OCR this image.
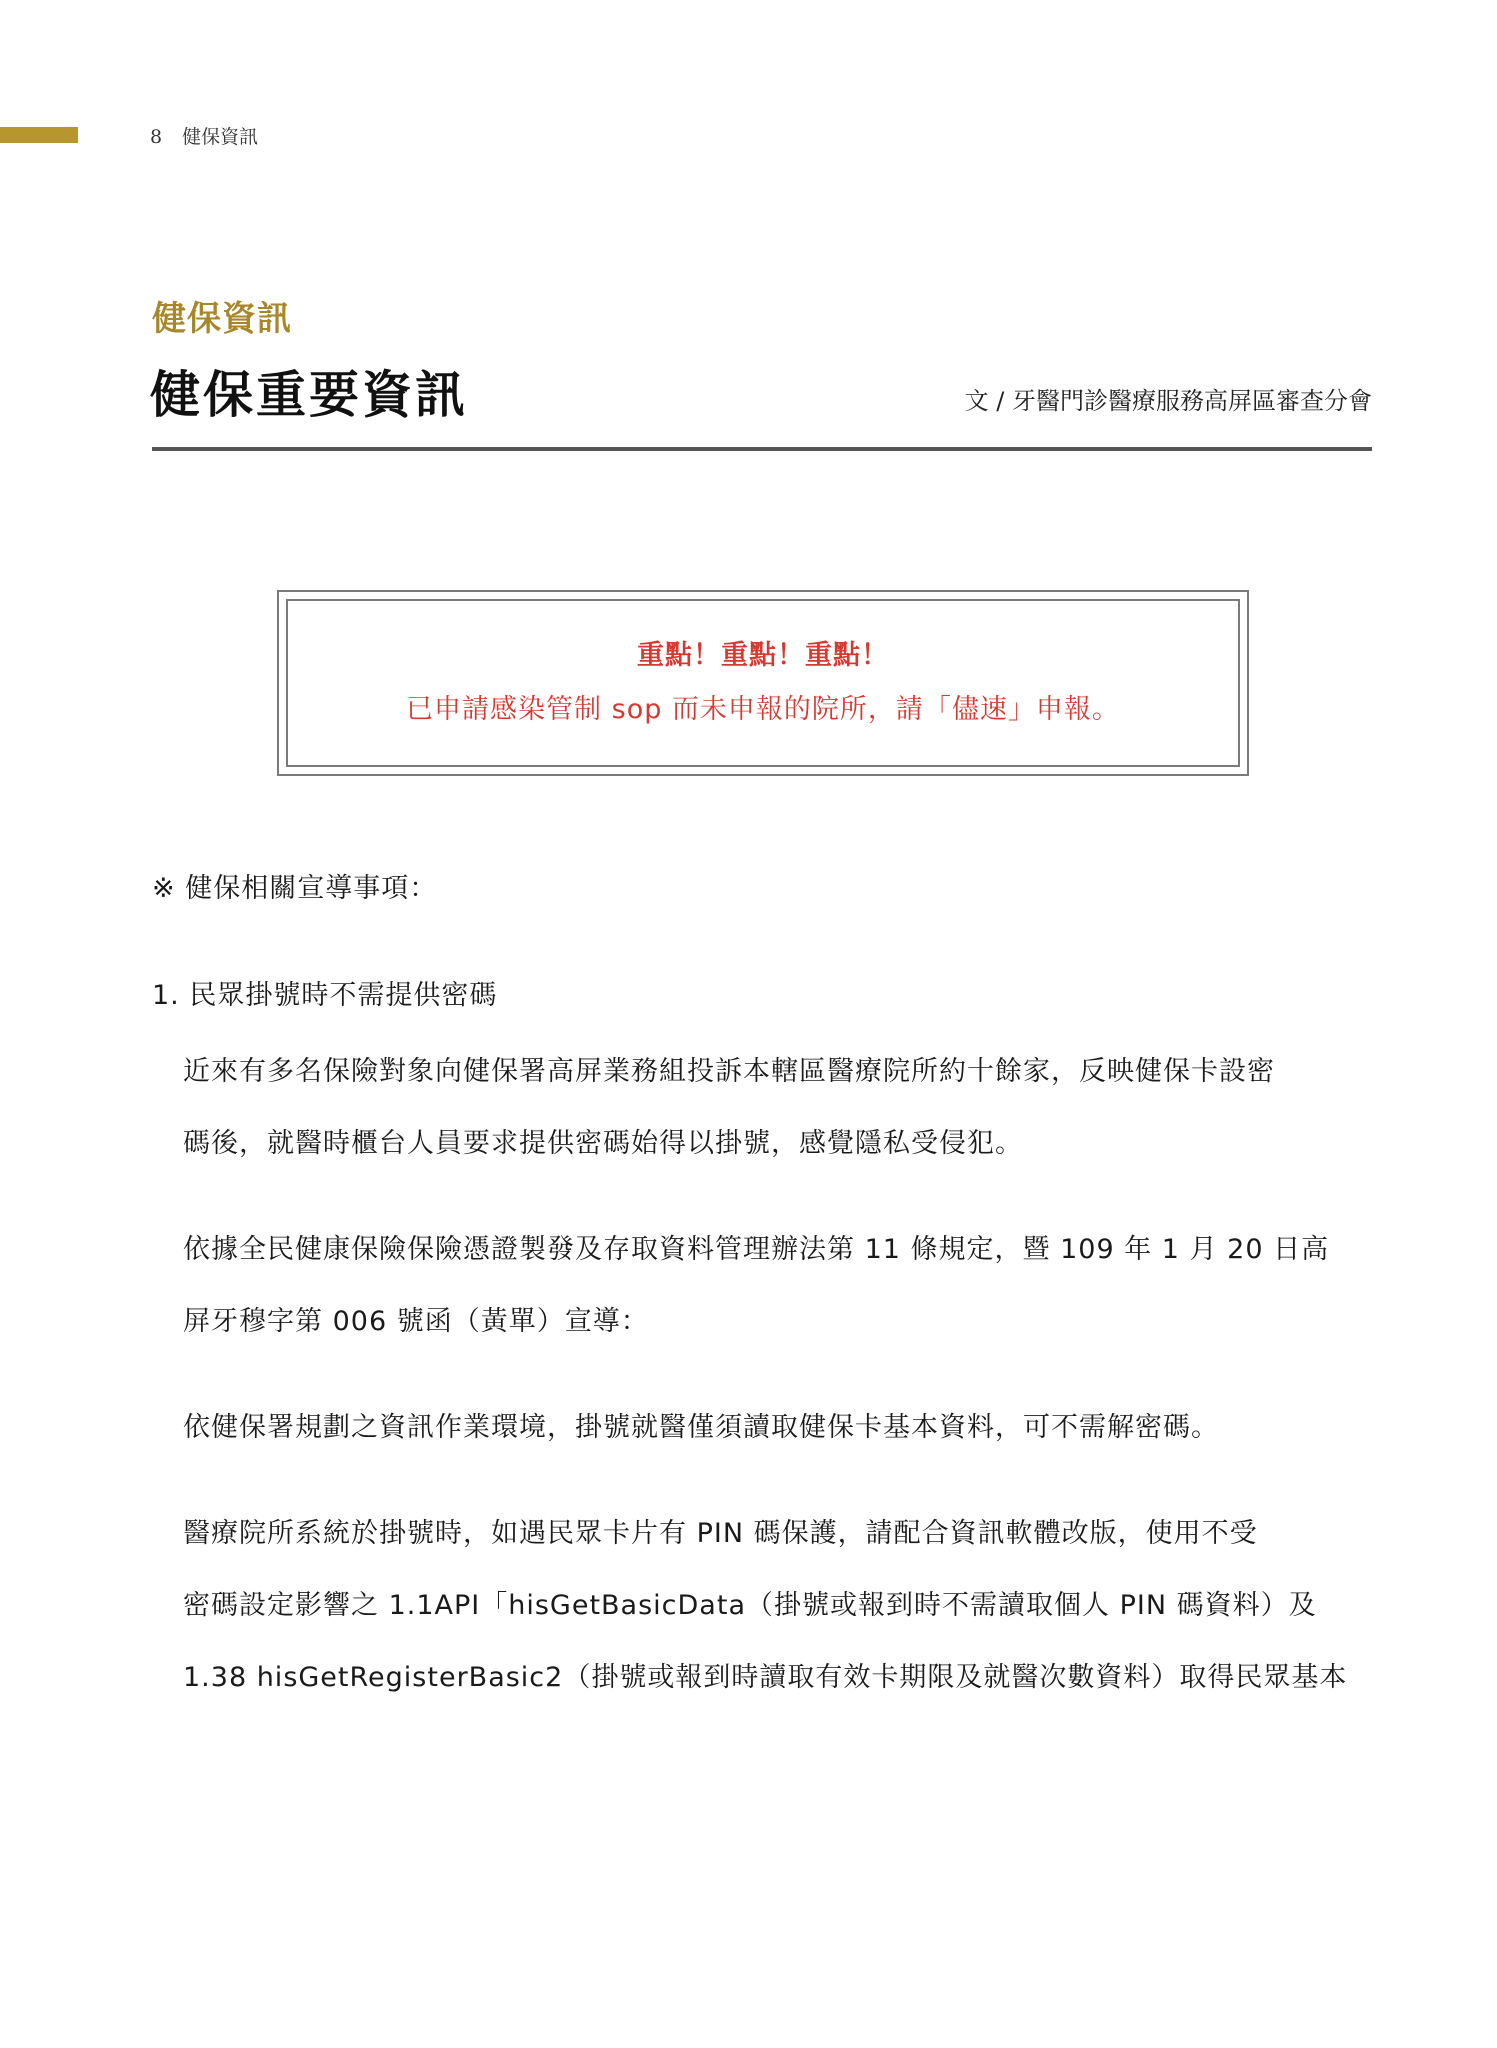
8 健保資訊
健保資訊
健保重要資訊	文 / 牙醫門診醫療服務高屏區審查分會
重點！重點！重點！
已申請感染管制 sop 而未申報的院所，請「儘速」申報。
※ 健保相關宣導事項：
1. 民眾掛號時不需提供密碼
近來有多名保險對象向健保署高屏業務組投訴本轄區醫療院所約十餘家，反映健保卡設密
碼後，就醫時櫃台人員要求提供密碼始得以掛號，感覺隱私受侵犯。
依據全民健康保險保險憑證製發及存取資料管理辦法第 11 條規定，暨 109 年 1 月 20 日高
屏牙穆字第 006 號函（黃單）宣導：
依健保署規劃之資訊作業環境，掛號就醫僅須讀取健保卡基本資料，可不需解密碼。
醫療院所系統於掛號時，如遇民眾卡片有 PIN 碼保護，請配合資訊軟體改版，使用不受
密碼設定影響之 1.1API「hisGetBasicData（掛號或報到時不需讀取個人 PIN 碼資料）及
1.38 hisGetRegisterBasic2（掛號或報到時讀取有效卡期限及就醫次數資料）取得民眾基本
